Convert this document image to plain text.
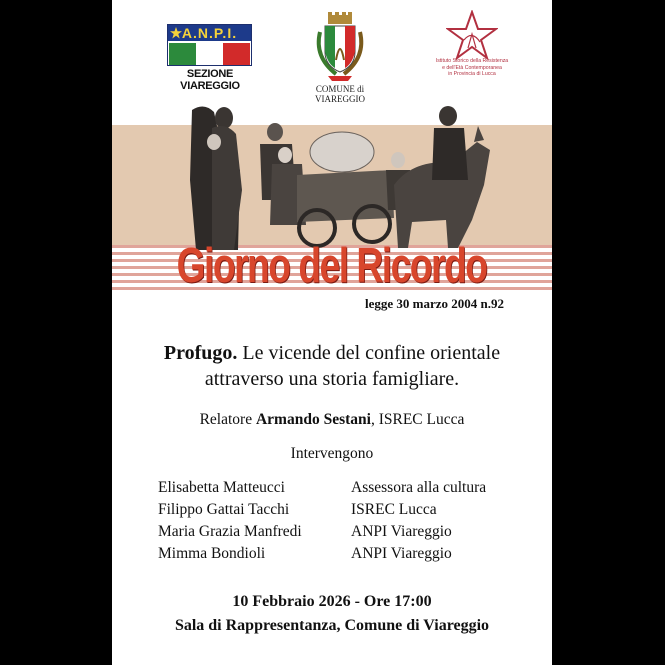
A.N.P.I.
SEZIONE VIAREGGIO	COMUNE di VIAREGGIO
Istituto Storico della Resistenza
e dell'Età Contemporanea
in Provincia di Lucca
Giorno del Ricordo
legge 30 marzo 2004 n.92
Profugo. Le vicende del confine orientale
attraverso una storia famigliare.
Relatore Armando Sestani, ISREC Lucca
Intervengono
Elisabetta Matteucci	Assessora alla cultura
Filippo Gattai Tacchi	ISREC Lucca
Maria Grazia Manfredi	ANPI Viareggio
Mimma Bondioli	ANPI Viareggio
10 Febbraio 2026 - Ore 17:00
Sala di Rappresentanza, Comune di Viareggio
